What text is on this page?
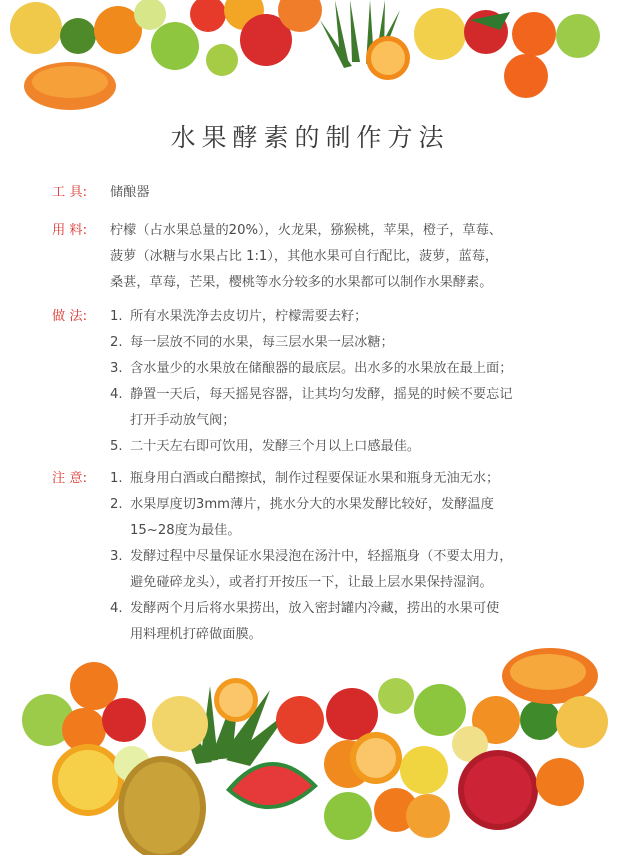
水果酵素的制作方法
工 具:	储酿器
用 料:	柠檬（占水果总量的20%），火龙果，猕猴桃，苹果，橙子，草莓、
菠萝（冰糖与水果占比 1:1），其他水果可自行配比，菠萝，蓝莓，
桑葚，草莓，芒果，樱桃等水分较多的水果都可以制作水果酵素。
做 法:	1. 所有水果洗净去皮切片，柠檬需要去籽；
2. 每一层放不同的水果，每三层水果一层冰糖；
3. 含水量少的水果放在储酿器的最底层。出水多的水果放在最上面；
4. 静置一天后，每天摇晃容器，让其均匀发酵，摇晃的时候不要忘记
打开手动放气阀；
5. 二十天左右即可饮用，发酵三个月以上口感最佳。
注 意:	1. 瓶身用白酒或白醋擦拭，制作过程要保证水果和瓶身无油无水；
2. 水果厚度切3mm薄片，挑水分大的水果发酵比较好，发酵温度
15~28度为最佳。
3. 发酵过程中尽量保证水果浸泡在汤汁中，轻摇瓶身（不要太用力，
避免碰碎龙头），或者打开按压一下，让最上层水果保持湿润。
4. 发酵两个月后将水果捞出，放入密封罐内冷藏，捞出的水果可使
用料理机打碎做面膜。
